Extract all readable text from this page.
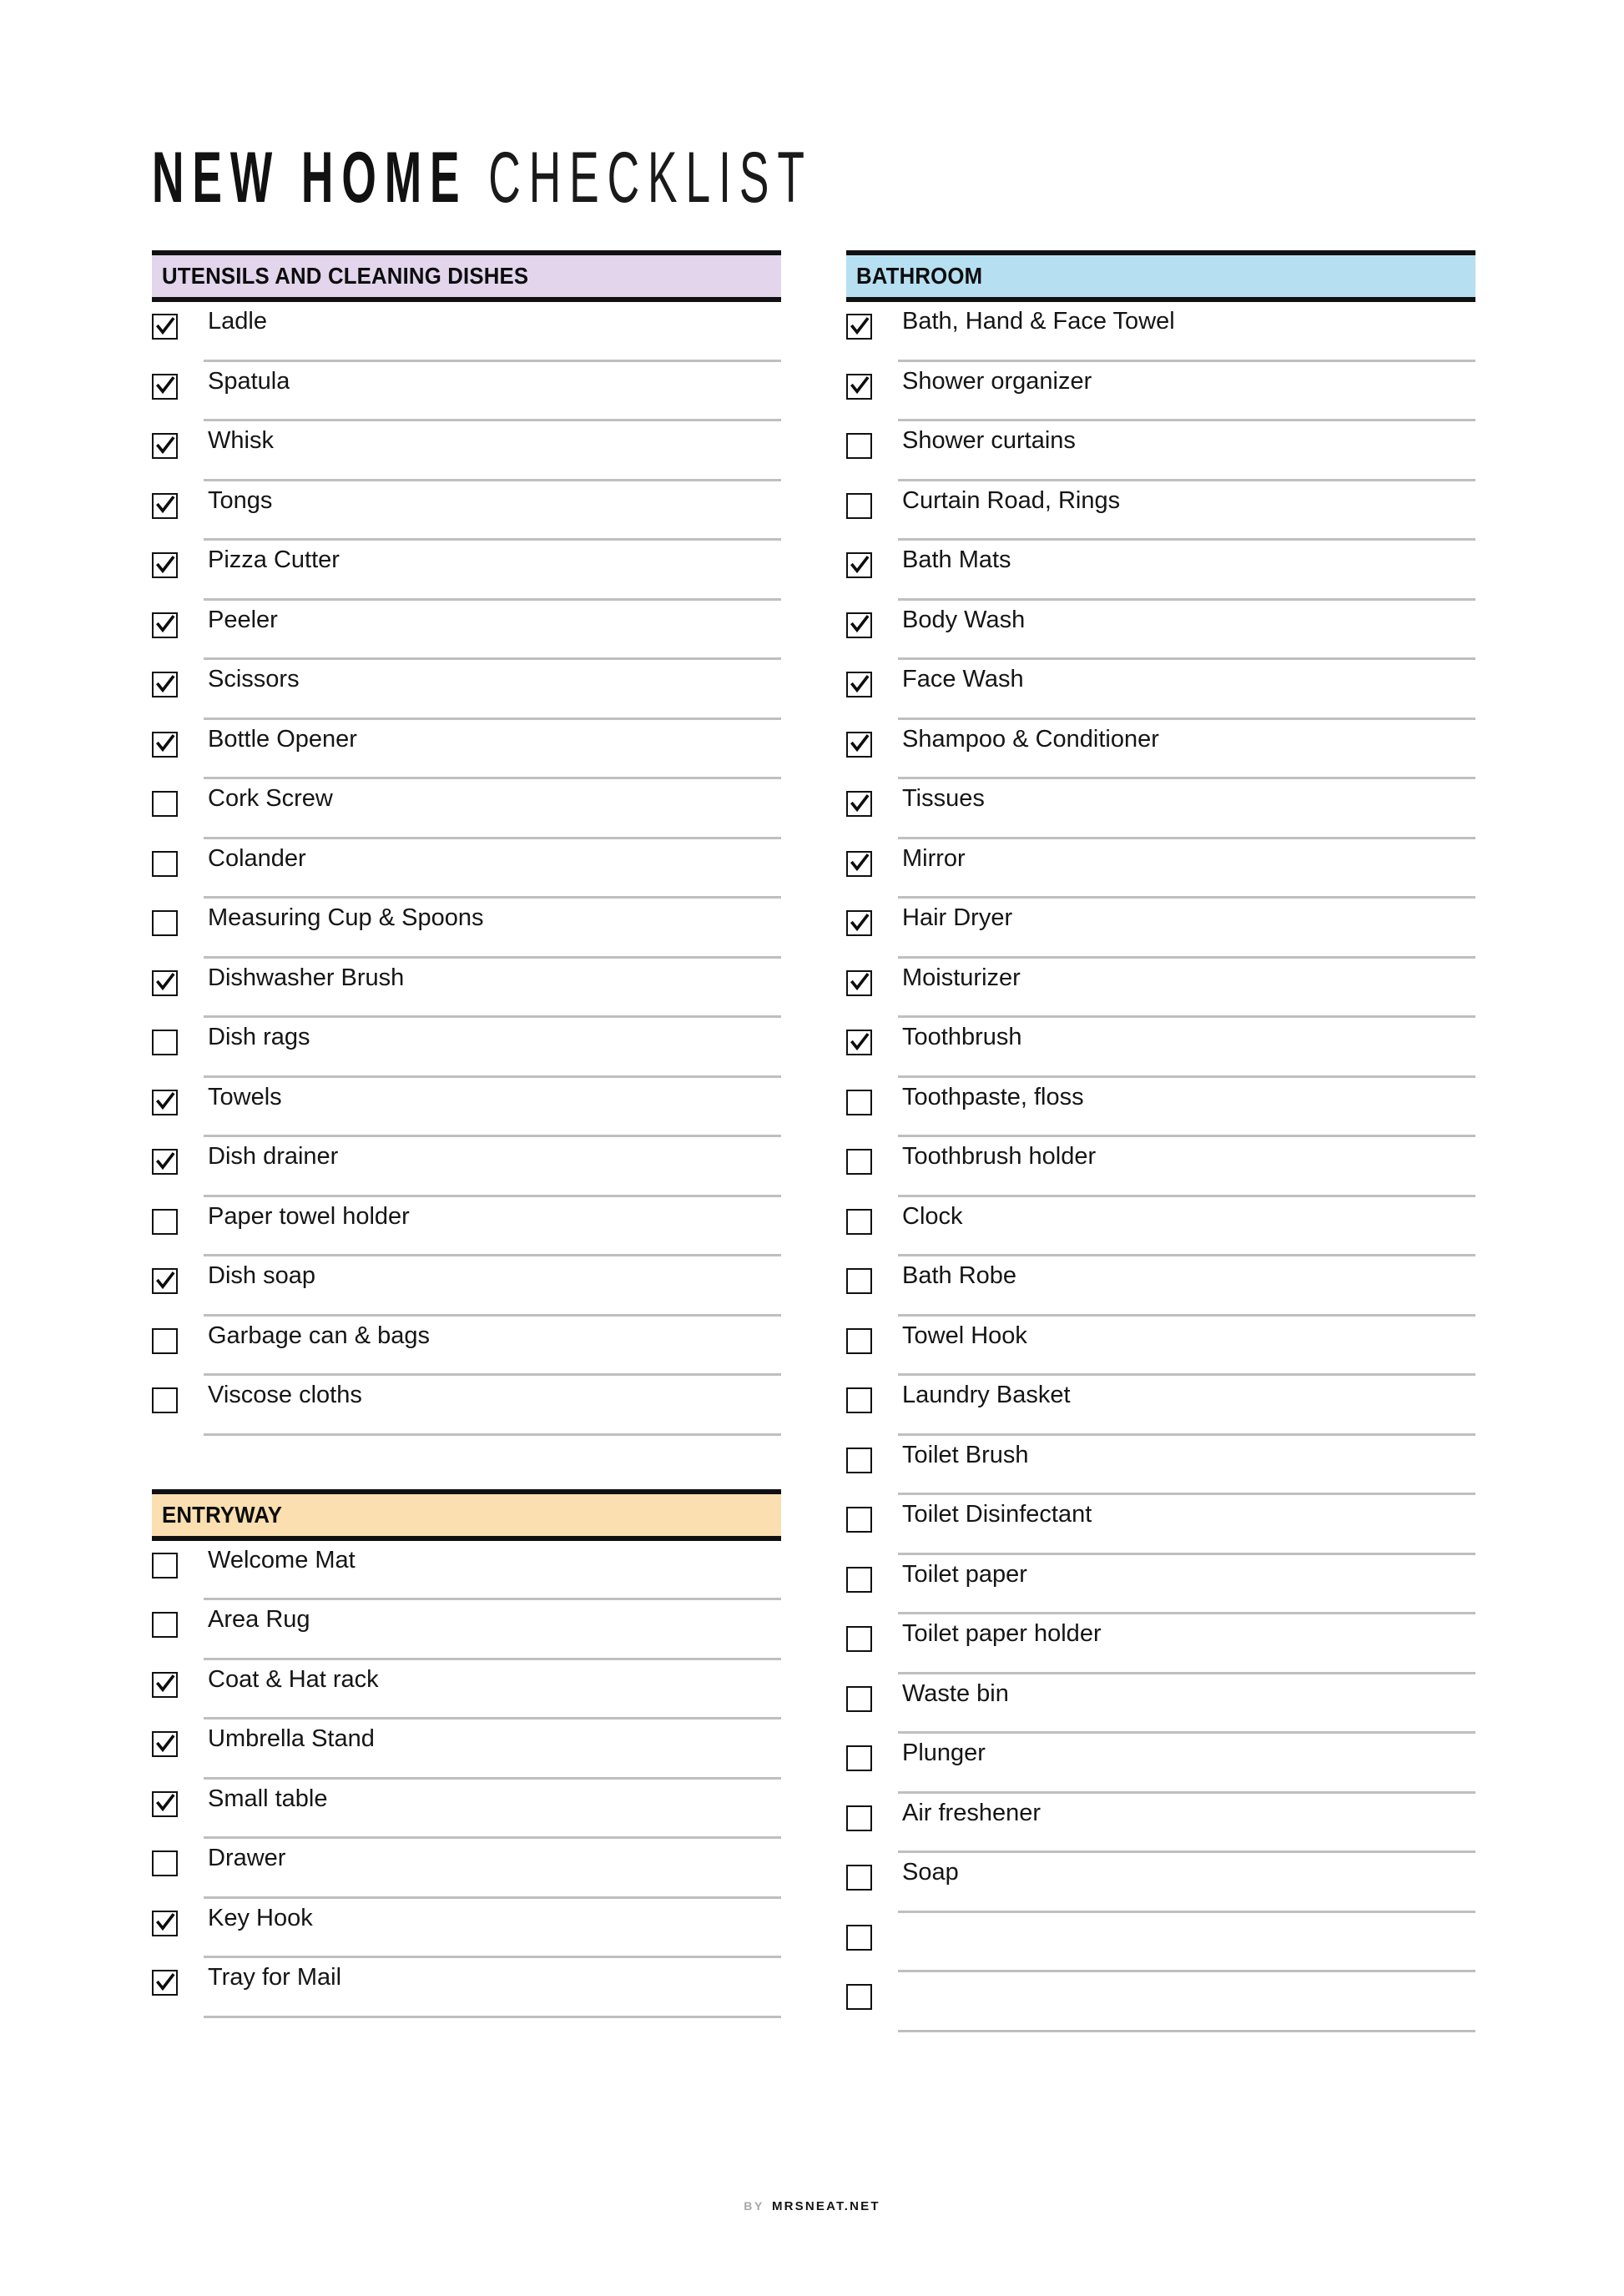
NEW HOME CHECKLIST
UTENSILS AND CLEANING DISHES
Ladle
Spatula
Whisk
Tongs
Pizza Cutter
Peeler
Scissors
Bottle Opener
Cork Screw
Colander
Measuring Cup & Spoons
Dishwasher Brush
Dish rags
Towels
Dish drainer
Paper towel holder
Dish soap
Garbage can & bags
Viscose cloths
ENTRYWAY
Welcome Mat
Area Rug
Coat & Hat rack
Umbrella Stand
Small table
Drawer
Key Hook
Tray for Mail
BATHROOM
Bath, Hand & Face Towel
Shower organizer
Shower curtains
Curtain Road, Rings
Bath Mats
Body Wash
Face Wash
Shampoo & Conditioner
Tissues
Mirror
Hair Dryer
Moisturizer
Toothbrush
Toothpaste, floss
Toothbrush holder
Clock
Bath Robe
Towel Hook
Laundry Basket
Toilet Brush
Toilet Disinfectant
Toilet paper
Toilet paper holder
Waste bin
Plunger
Air freshener
Soap
BY MRSNEAT.NET
